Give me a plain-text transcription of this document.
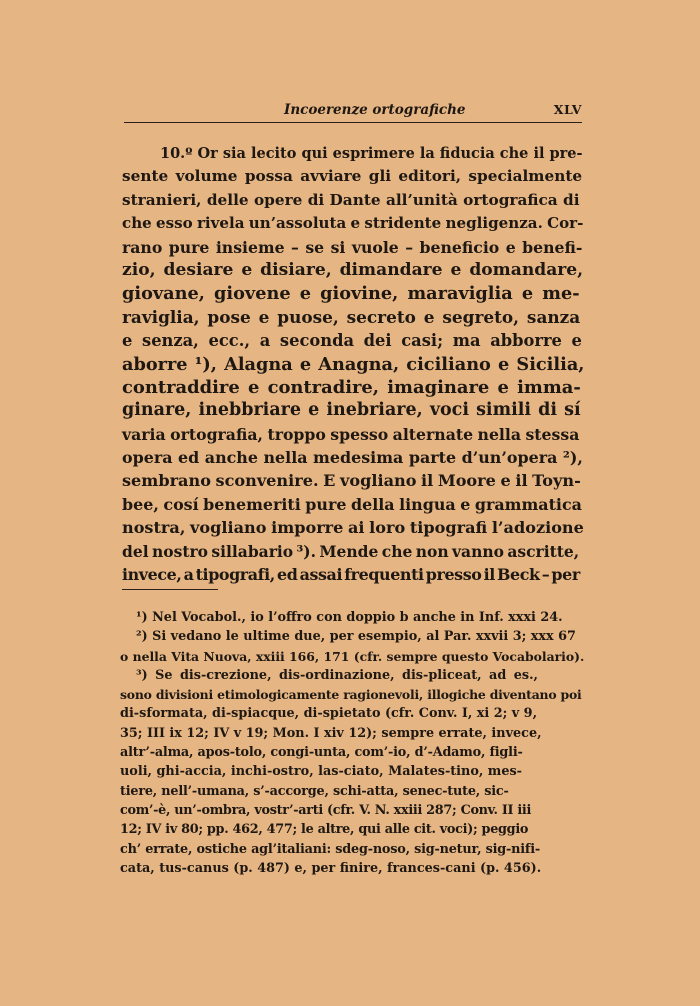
Incoerenze ortografiche	XLV
10.º Or sia lecito qui esprimere la fiducia che il pre-
sente volume possa avviare gli editori, specialmente
stranieri, delle opere di Dante all’unità ortografica di
che esso rivela un’assoluta e stridente negligenza. Cor-
rano pure insieme – se si vuole – beneficio e benefi-
zio, desiare e disiare, dimandare e domandare,
giovane, giovene e giovine, maraviglia e me-
raviglia, pose e puose, secreto e segreto, sanza
e senza, ecc., a seconda dei casi; ma abborre e
aborre ¹), Alagna e Anagna, ciciliano e Sicilia,
contraddire e contradire, imaginare e imma-
ginare, inebbriare e inebriare, voci simili di sí
varia ortografia, troppo spesso alternate nella stessa
opera ed anche nella medesima parte d’un’opera ²),
sembrano sconvenire. E vogliano il Moore e il Toyn-
bee, cosí benemeriti pure della lingua e grammatica
nostra, vogliano imporre ai loro tipografi l’adozione
del nostro sillabario ³). Mende che non vanno ascritte,
invece, a tipografi, ed assai frequenti presso il Beck – per
¹) Nel Vocabol., io l’offro con doppio b anche in Inf. xxxi 24.
²) Si vedano le ultime due, per esempio, al Par. xxvii 3; xxx 67
o nella Vita Nuova, xxiii 166, 171 (cfr. sempre questo Vocabolario).
³) Se dis-crezione, dis-ordinazione, dis-pliceat, ad es.,
sono divisioni etimologicamente ragionevoli, illogiche diventano poi
di-sformata, di-spiacque, di-spietato (cfr. Conv. I, xi 2; v 9,
35; III ix 12; IV v 19; Mon. I xiv 12); sempre errate, invece,
altr’-alma, apos-tolo, congi-unta, com’-io, d’-Adamo, figli-
uoli, ghi-accia, inchi-ostro, las-ciato, Malates-tino, mes-
tiere, nell’-umana, s’-accorge, schi-atta, senec-tute, sic-
com’-è, un’-ombra, vostr’-arti (cfr. V. N. xxiii 287; Conv. II iii
12; IV iv 80; pp. 462, 477; le altre, qui alle cit. voci); peggio
ch’ errate, ostiche agl’italiani: sdeg-noso, sig-netur, sig-nifi-
cata, tus-canus (p. 487) e, per finire, frances-cani (p. 456).
